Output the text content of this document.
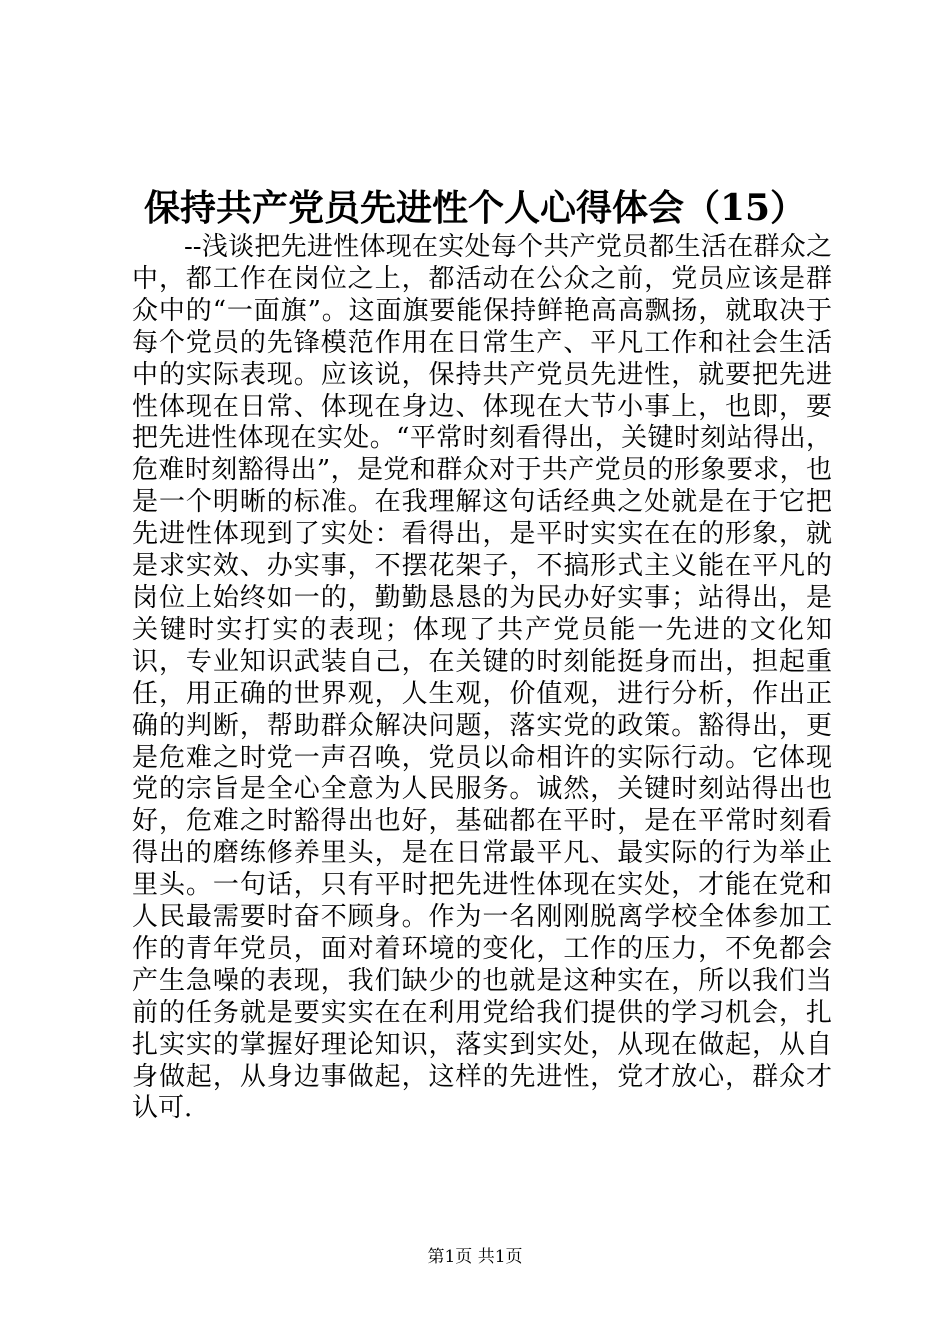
保持共产党员先进性个人心得体会（15）

--浅谈把先进性体现在实处每个共产党员都生活在群众之中，都工作在岗位之上，都活动在公众之前，党员应该是群众中的“一面旗”。这面旗要能保持鲜艳高高飘扬，就取决于每个党员的先锋模范作用在日常生产、平凡工作和社会生活中的实际表现。应该说，保持共产党员先进性，就要把先进性体现在日常、体现在身边、体现在大节小事上，也即，要把先进性体现在实处。“平常时刻看得出，关键时刻站得出，危难时刻豁得出”，是党和群众对于共产党员的形象要求，也是一个明晰的标准。在我理解这句话经典之处就是在于它把先进性体现到了实处：看得出，是平时实实在在的形象，就是求实效、办实事，不摆花架子，不搞形式主义能在平凡的岗位上始终如一的，勤勤恳恳的为民办好实事；站得出，是关键时实打实的表现；体现了共产党员能一先进的文化知识，专业知识武装自己，在关键的时刻能挺身而出，担起重任，用正确的世界观，人生观，价值观，进行分析，作出正确的判断，帮助群众解决问题，落实党的政策。豁得出，更是危难之时党一声召唤，党员以命相许的实际行动。它体现党的宗旨是全心全意为人民服务。诚然，关键时刻站得出也好，危难之时豁得出也好，基础都在平时，是在平常时刻看得出的磨练修养里头，是在日常最平凡、最实际的行为举止里头。一句话，只有平时把先进性体现在实处，才能在党和人民最需要时奋不顾身。作为一名刚刚脱离学校全体参加工作的青年党员，面对着环境的变化，工作的压力，不免都会产生急噪的表现，我们缺少的也就是这种实在，所以我们当前的任务就是要实实在在利用党给我们提供的学习机会，扎扎实实的掌握好理论知识，落实到实处，从现在做起，从自身做起，从身边事做起，这样的先进性，党才放心，群众才认可.

第1页 共1页
